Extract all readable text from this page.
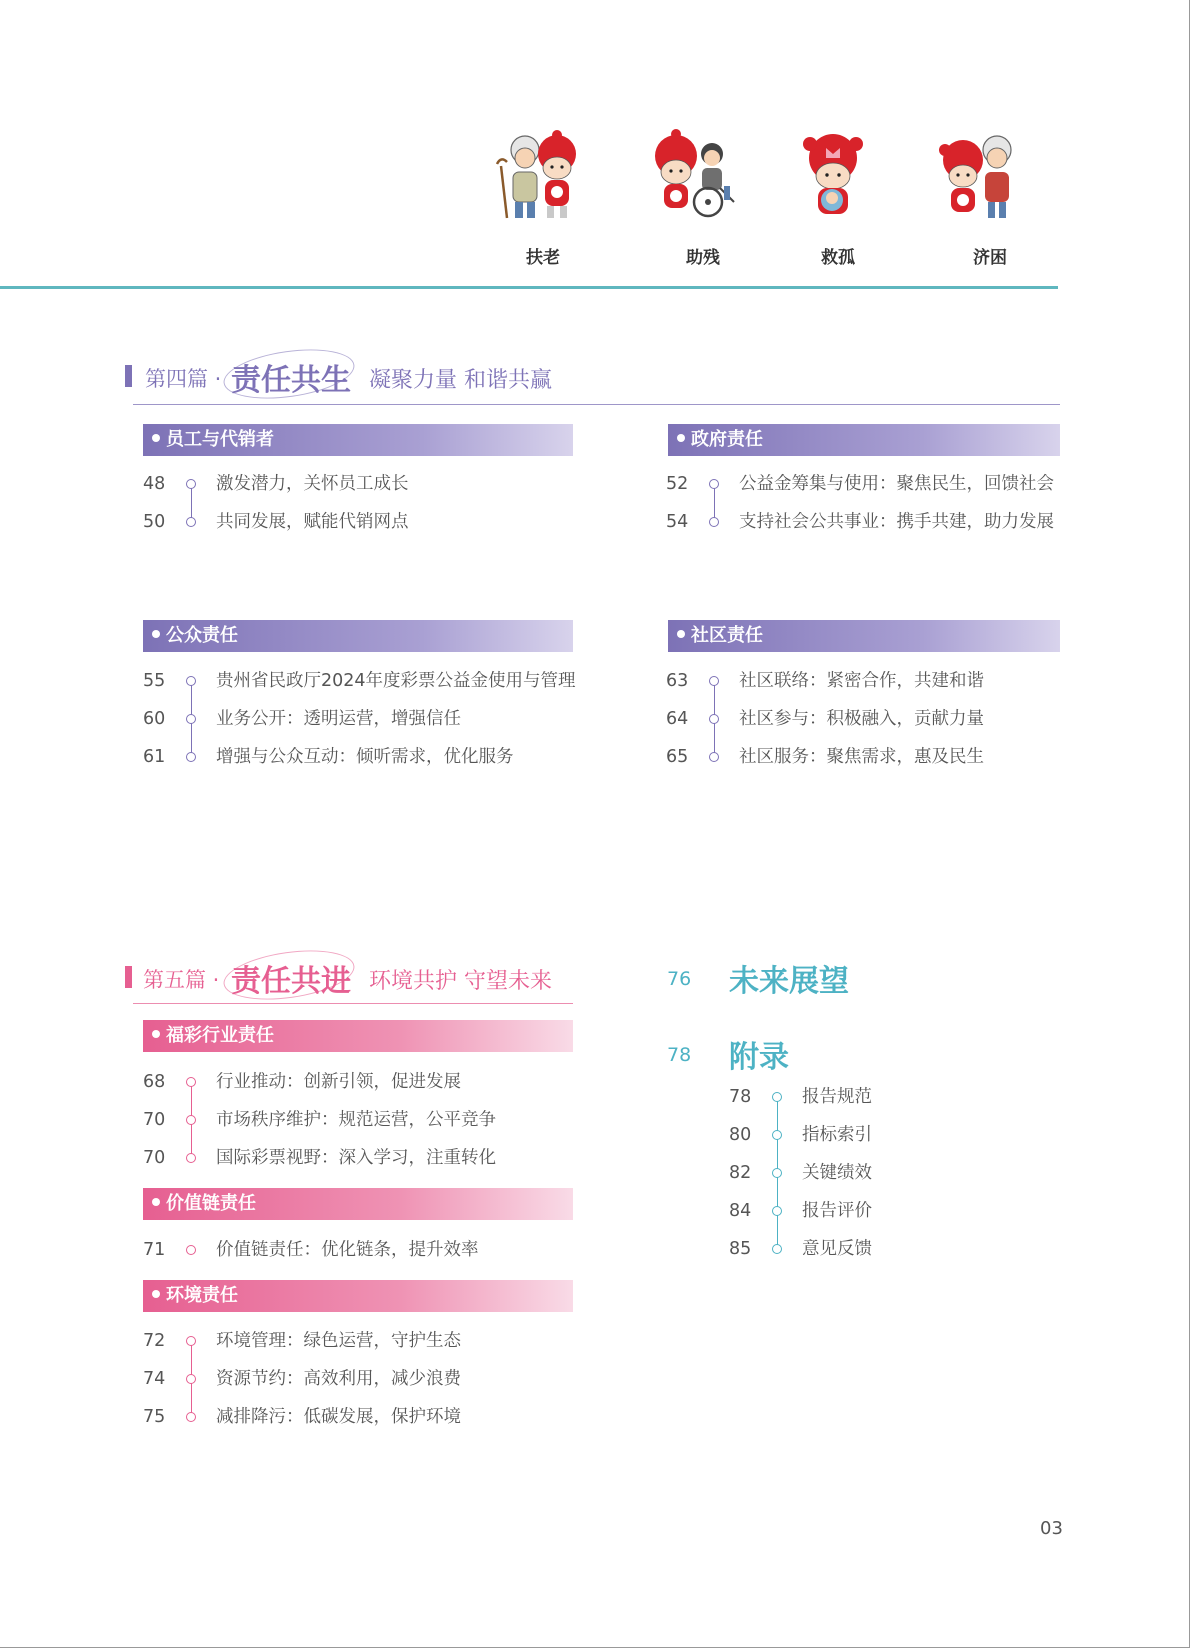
扶老	助残	救孤	济困
第四篇 · 责任共生 凝聚力量 和谐共赢
员工与代销者
48	激发潜力，关怀员工成长
50	共同发展，赋能代销网点
政府责任
52	公益金筹集与使用：聚焦民生，回馈社会
54	支持社会公共事业：携手共建，助力发展
公众责任
55	贵州省民政厅2024年度彩票公益金使用与管理
60	业务公开：透明运营，增强信任
61	增强与公众互动：倾听需求，优化服务
社区责任
63	社区联络：紧密合作，共建和谐
64	社区参与：积极融入，贡献力量
65	社区服务：聚焦需求，惠及民生
第五篇 · 责任共进 环境共护 守望未来
福彩行业责任
68	行业推动：创新引领，促进发展
70	市场秩序维护：规范运营，公平竞争
70	国际彩票视野：深入学习，注重转化
价值链责任
71	价值链责任：优化链条，提升效率
环境责任
72	环境管理：绿色运营，守护生态
74	资源节约：高效利用，减少浪费
75	减排降污：低碳发展，保护环境
76 未来展望
78 附录
78	报告规范
80	指标索引
82	关键绩效
84	报告评价
85	意见反馈
03
